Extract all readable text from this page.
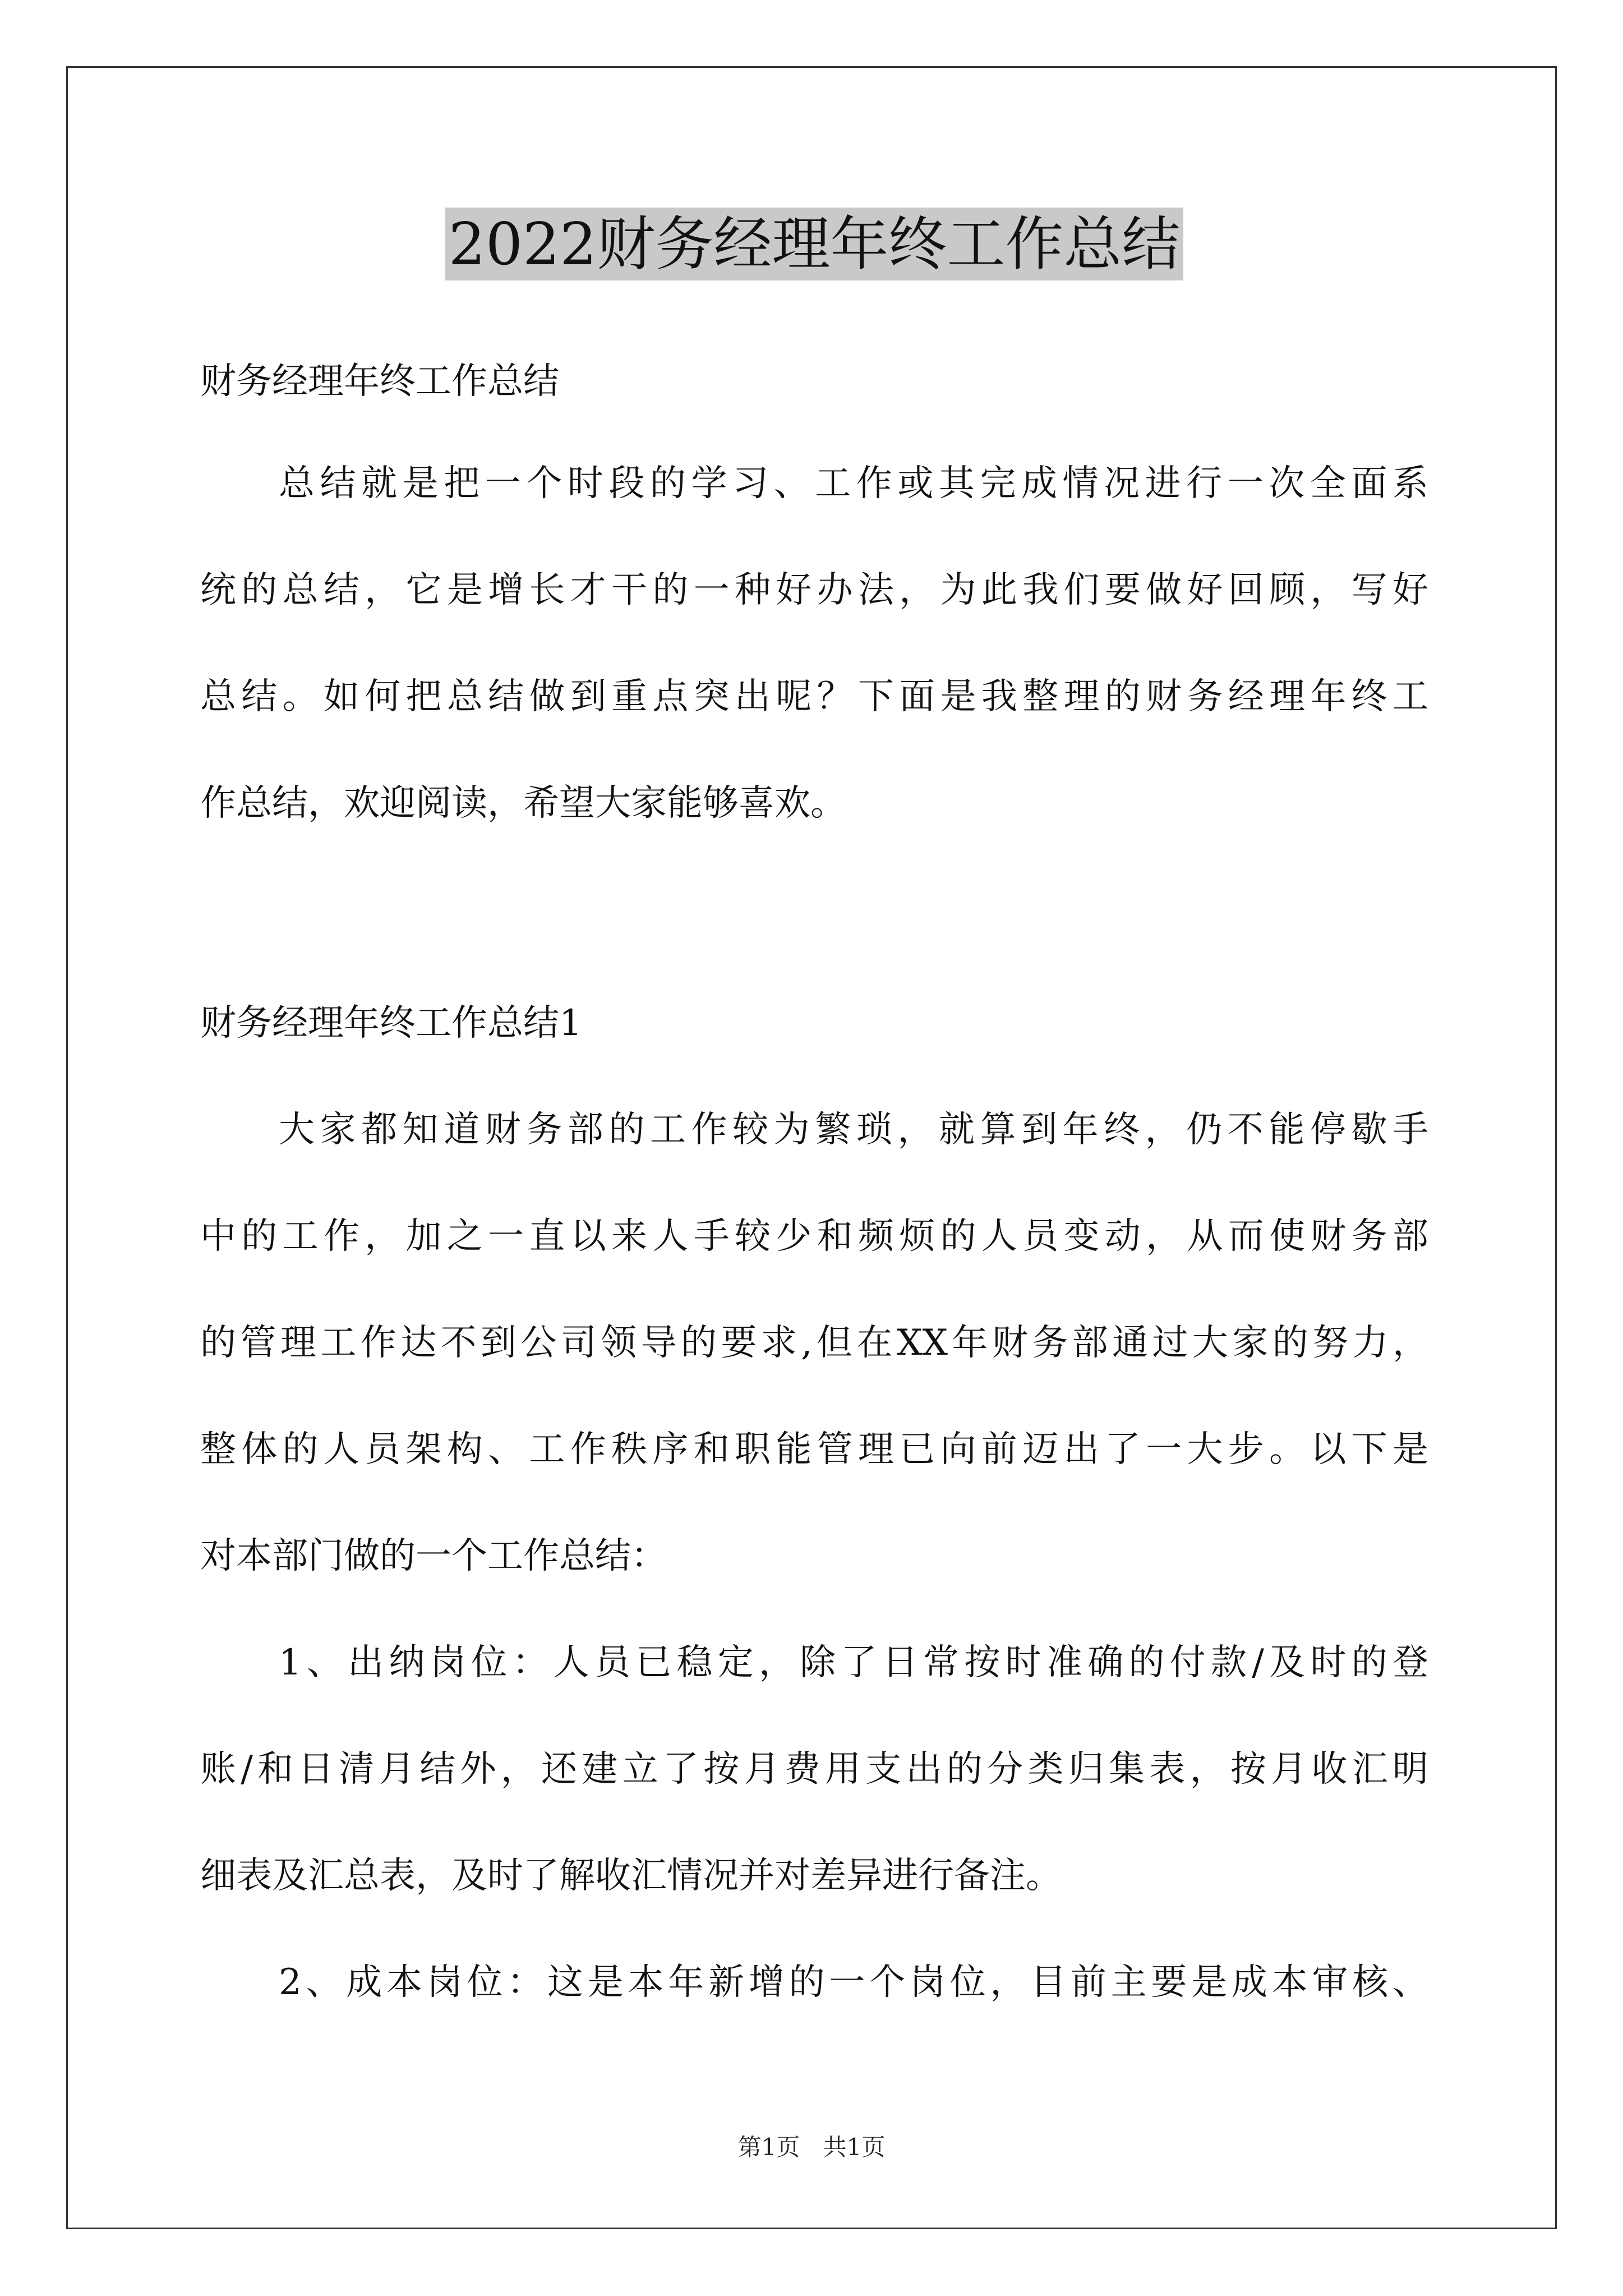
2022财务经理年终工作总结
财务经理年终工作总结
总结就是把一个时段的学习、工作或其完成情况进行一次全面系
统的总结，它是增长才干的一种好办法，为此我们要做好回顾，写好
总结。如何把总结做到重点突出呢？下面是我整理的财务经理年终工
作总结，欢迎阅读，希望大家能够喜欢。
财务经理年终工作总结1
大家都知道财务部的工作较为繁琐，就算到年终，仍不能停歇手
中的工作，加之一直以来人手较少和频烦的人员变动，从而使财务部
的管理工作达不到公司领导的要求,但在XX年财务部通过大家的努力，
整体的人员架构、工作秩序和职能管理已向前迈出了一大步。以下是
对本部门做的一个工作总结：
1、出纳岗位：人员已稳定，除了日常按时准确的付款/及时的登
账/和日清月结外，还建立了按月费用支出的分类归集表，按月收汇明
细表及汇总表，及时了解收汇情况并对差异进行备注。
2、成本岗位：这是本年新增的一个岗位，目前主要是成本审核、
第1页 共1页
